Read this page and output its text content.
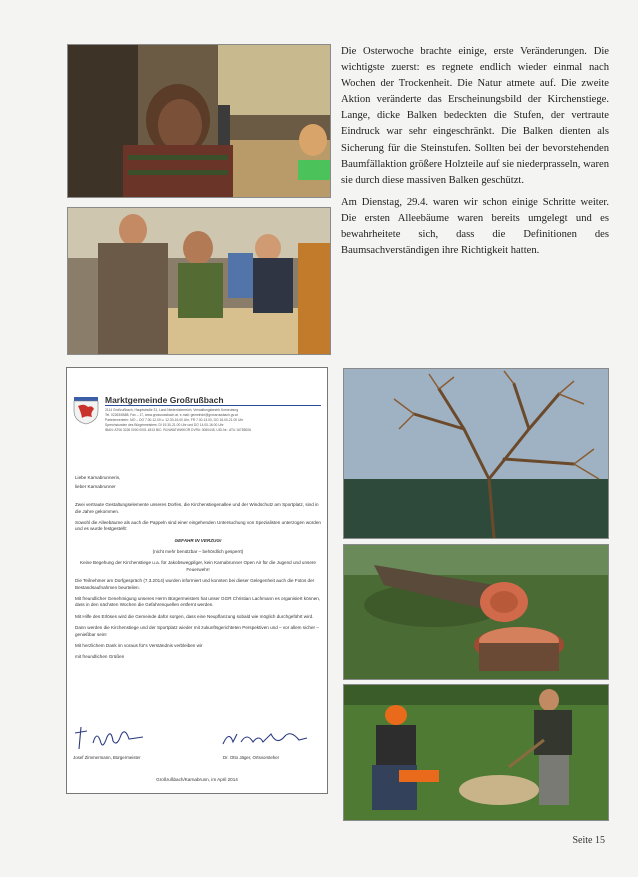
Die Osterwoche brachte einige, erste Veränderungen. Die wichtigste zuerst: es regnete endlich wieder einmal nach Wochen der Trockenheit. Die Natur atmete auf. Die zweite Aktion veränderte das Erscheinungsbild der Kirchenstiege. Lange, dicke Balken bedeckten die Stufen, der vertraute Eindruck war sehr eingeschränkt. Die Balken dienten als Sicherung für die Steinstufen. Sollten bei der bevorstehenden Baumfällaktion größere Holzteile auf sie niederprasseln, waren sie durch diese massiven Balken geschützt.

Am Dienstag, 29.4. waren wir schon einige Schritte weiter. Die ersten Alleebäume waren bereits umgelegt und es bewahrheitete sich, dass die Definitionen des Baumsachverständigen ihre Richtigkeit hatten.

Marktgemeinde Großrußbach
2114 Großrußbach, Hauptstraße 31, Land Niederösterreich, Verwaltungsbezirk Korneuburg
Tel. 02263/6688, Fax – 17, www.grossrussbach.at, e-mail: gemeinde@grossrussbach.gv.at
Parteienverkehr: MO – DO 7.00-12.00 u. 12.30-16.00 Uhr, FR 7.00-13.00, DO 16.00-21.00 Uhr
Sprechstunden des Bürgermeisters: DI 19.30-21.00 Uhr und DO 14.00-16.00 Uhr
IBAN: AT06 3226 0000 0001 4813 BIC: RLNWATWWKOR DVR#: 0080445, UID-Nr.: ATU 16755006

Liebe Karnabrunnerin,

lieber Karnabrunner

Zwei vertraute Gestaltungselemente unseres Dorfes, die Kirchenstiegenallee und der Windschutz am Sportplatz, sind in die Jahre gekommen.

Sowohl die Alleebäume als auch die Pappeln sind einer eingehenden Untersuchung von Spezialisten unterzogen worden und es wurde festgestellt:

GEFAHR IN VERZUG!

(nicht mehr benützbar – behördlich gesperrt)

Keine Begehung der Kirchenstiege u.a. für Jakobswegpilger, kein Karnabrunner Open Air für die Jugend und unsere Feuerwehr!

Die Teilnehmer am Dorfgespräch (7.3.2014) wurden informiert und konnten bei dieser Gelegenheit auch die Fotos der Bestandsaufnahmen beurteilen.

Mit freundlicher Genehmigung unseres Herrn Bürgermeisters hat unser GGR Christian Lachmann es organisiert können, dass in den nächsten Wochen die Gefahrenquellen entfernt werden.

Mit Hilfe des Erlöses wird die Gemeinde dafür sorgen, dass eine Neupflanzung sobald wie möglich durchgeführt wird.

Dann werden die Kirchenstiege und der Sportplatz wieder mit zukunftsgerichteten Perspektiven und – vor allem sicher – genießbar sein!

Mit herzlichem Dank im voraus für's Verständnis verbleiben wir

mit freundlichen Grüßen

Josef Zimmermann, Bürgermeister	Dr. Otto Jäger, Ortsvorsteher
Großrußbach/Karnabrunn, im April 2014
Seite 15
